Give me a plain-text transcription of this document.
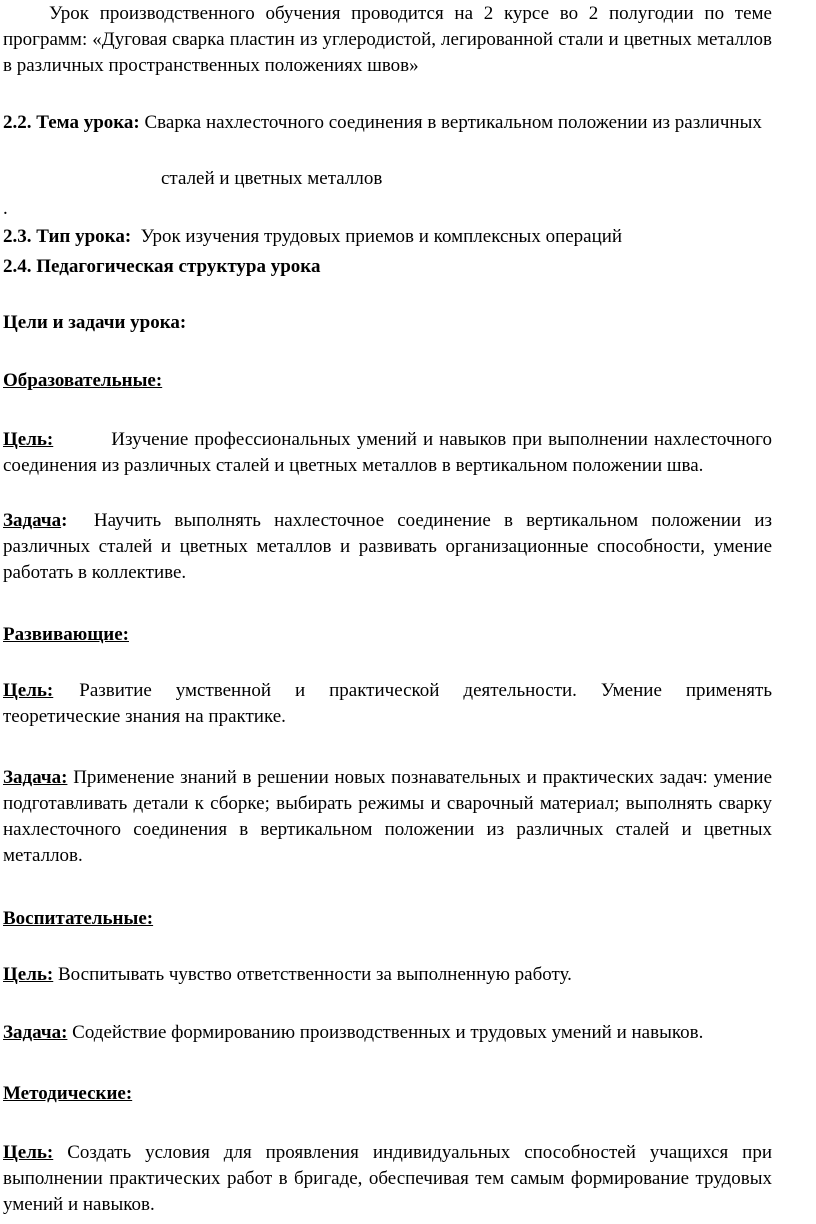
Урок производственного обучения проводится на 2 курсе во 2 полугодии по теме программ: «Дуговая сварка пластин из углеродистой, легированной стали и цветных металлов в различных пространственных положениях швов»

2.2. Тема урока: Сварка нахлесточного соединения в вертикальном положении из различных

сталей и цветных металлов

.

2.3. Тип урока: Урок изучения трудовых приемов и комплексных операций

2.4. Педагогическая структура урока

Цели и задачи урока:

Образовательные:

Цель:	Изучение профессиональных умений и навыков при выполнении нахлесточного соединения из различных сталей и цветных металлов в вертикальном положении шва.

Задача: Научить выполнять нахлесточное соединение в вертикальном положении из различных сталей и цветных металлов и развивать организационные способности, умение работать в коллективе.

Развивающие:

Цель: Развитие умственной и практической деятельности. Умение применять теоретические знания на практике.

Задача: Применение знаний в решении новых познавательных и практических задач: умение подготавливать детали к сборке; выбирать режимы и сварочный материал; выполнять сварку нахлесточного соединения в вертикальном положении из различных сталей и цветных металлов.

Воспитательные:

Цель: Воспитывать чувство ответственности за выполненную работу.

Задача: Содействие формированию производственных и трудовых умений и навыков.

Методические:

Цель: Создать условия для проявления индивидуальных способностей учащихся при выполнении практических работ в бригаде, обеспечивая тем самым формирование трудовых умений и навыков.
